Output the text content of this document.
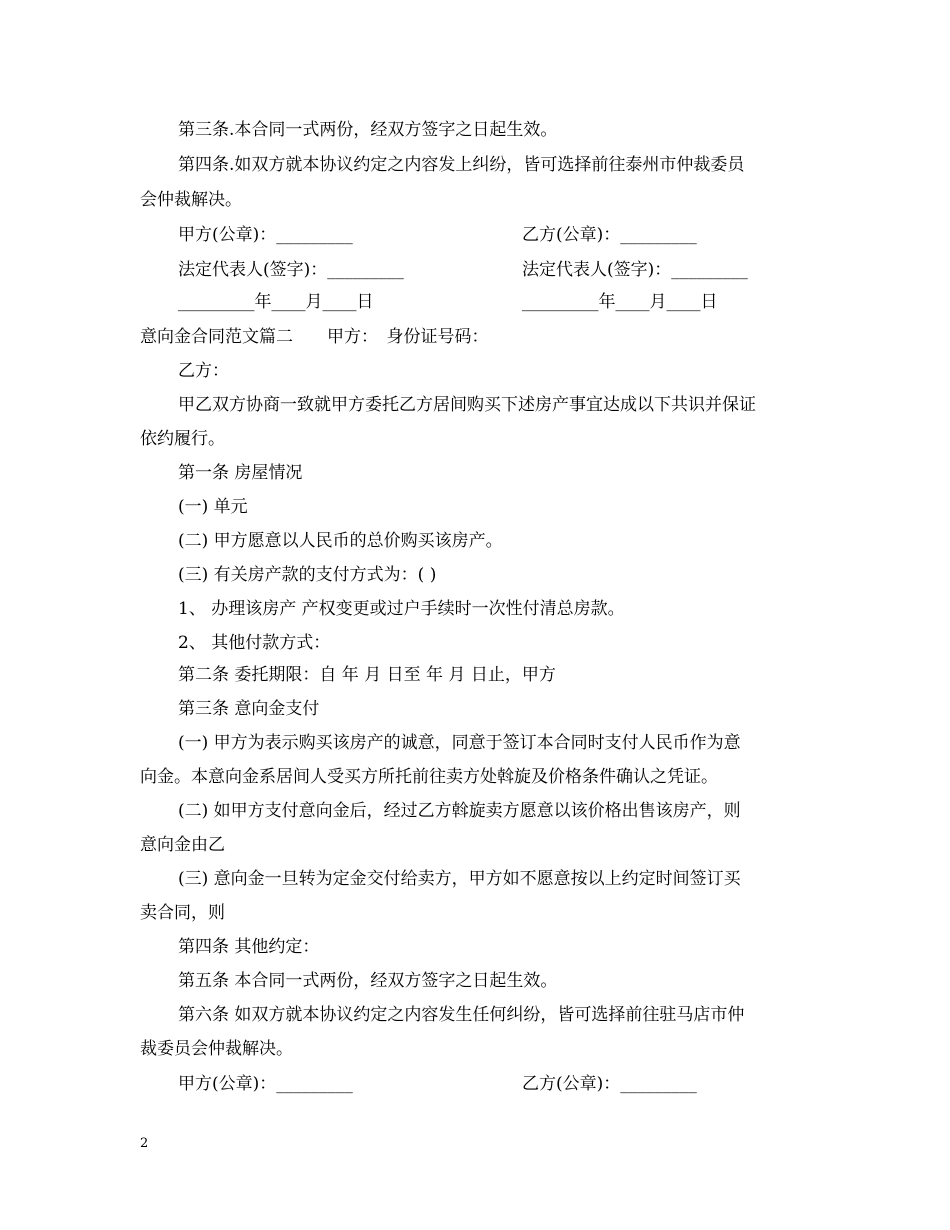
第三条.本合同一式两份，经双方签字之日起生效。
第四条.如双方就本协议约定之内容发上纠纷，皆可选择前往泰州市仲裁委员
会仲裁解决。
甲方(公章)：_________	乙方(公章)：_________
法定代表人(签字)：_________	法定代表人(签字)：_________
_________年____月____日	_________年____月____日
意向金合同范文篇二　　甲方：　身份证号码：
乙方：
甲乙双方协商一致就甲方委托乙方居间购买下述房产事宜达成以下共识并保证
依约履行。
第一条 房屋情况
(一) 单元
(二) 甲方愿意以人民币的总价购买该房产。
(三) 有关房产款的支付方式为：( )
1、 办理该房产 产权变更或过户手续时一次性付清总房款。
2、 其他付款方式：
第二条 委托期限：自 年 月 日至 年 月 日止，甲方
第三条 意向金支付
(一) 甲方为表示购买该房产的诚意，同意于签订本合同时支付人民币作为意
向金。本意向金系居间人受买方所托前往卖方处斡旋及价格条件确认之凭证。
(二) 如甲方支付意向金后，经过乙方斡旋卖方愿意以该价格出售该房产，则
意向金由乙
(三) 意向金一旦转为定金交付给卖方，甲方如不愿意按以上约定时间签订买
卖合同，则
第四条 其他约定：
第五条 本合同一式两份，经双方签字之日起生效。
第六条 如双方就本协议约定之内容发生任何纠纷，皆可选择前往驻马店市仲
裁委员会仲裁解决。
甲方(公章)：_________	乙方(公章)：_________
2
